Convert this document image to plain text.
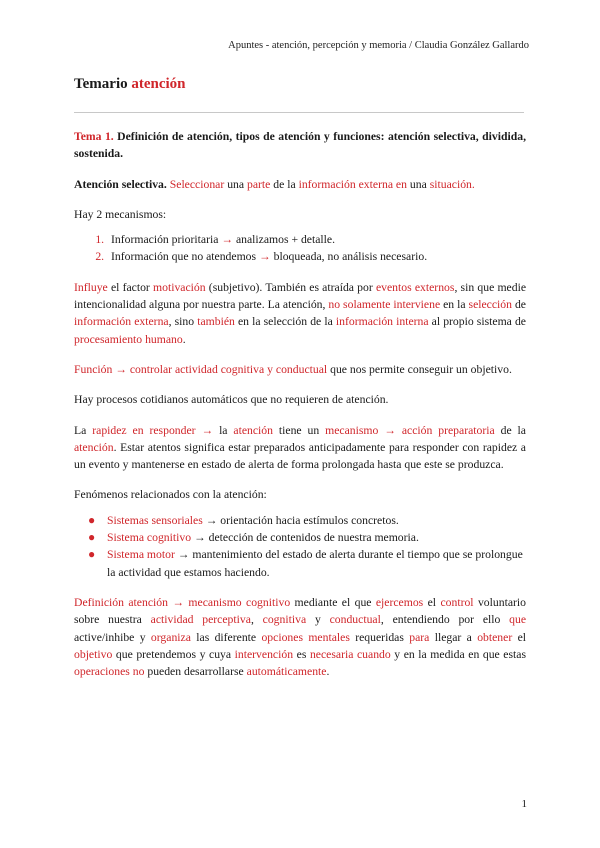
Apuntes - atención, percepción y memoria / Claudia González Gallardo
Temario atención

Tema 1. Definición de atención, tipos de atención y funciones: atención selectiva, dividida, sostenida.

Atención selectiva. Seleccionar una parte de la información externa en una situación.

Hay 2 mecanismos:

1. Información prioritaria → analizamos + detalle.
2. Información que no atendemos → bloqueada, no análisis necesario.

Influye el factor motivación (subjetivo). También es atraída por eventos externos, sin que medie intencionalidad alguna por nuestra parte. La atención, no solamente interviene en la selección de información externa, sino también en la selección de la información interna al propio sistema de procesamiento humano.

Función → controlar actividad cognitiva y conductual que nos permite conseguir un objetivo.

Hay procesos cotidianos automáticos que no requieren de atención.

La rapidez en responder → la atención tiene un mecanismo → acción preparatoria de la atención. Estar atentos significa estar preparados anticipadamente para responder con rapidez a un evento y mantenerse en estado de alerta de forma prolongada hasta que este se produzca.

Fenómenos relacionados con la atención:

● Sistemas sensoriales → orientación hacia estímulos concretos.
● Sistema cognitivo → detección de contenidos de nuestra memoria.
● Sistema motor → mantenimiento del estado de alerta durante el tiempo que se prolongue la actividad que estamos haciendo.

Definición atención → mecanismo cognitivo mediante el que ejercemos el control voluntario sobre nuestra actividad perceptiva, cognitiva y conductual, entendiendo por ello que active/inhibe y organiza las diferente opciones mentales requeridas para llegar a obtener el objetivo que pretendemos y cuya intervención es necesaria cuando y en la medida en que estas operaciones no pueden desarrollarse automáticamente.

1
